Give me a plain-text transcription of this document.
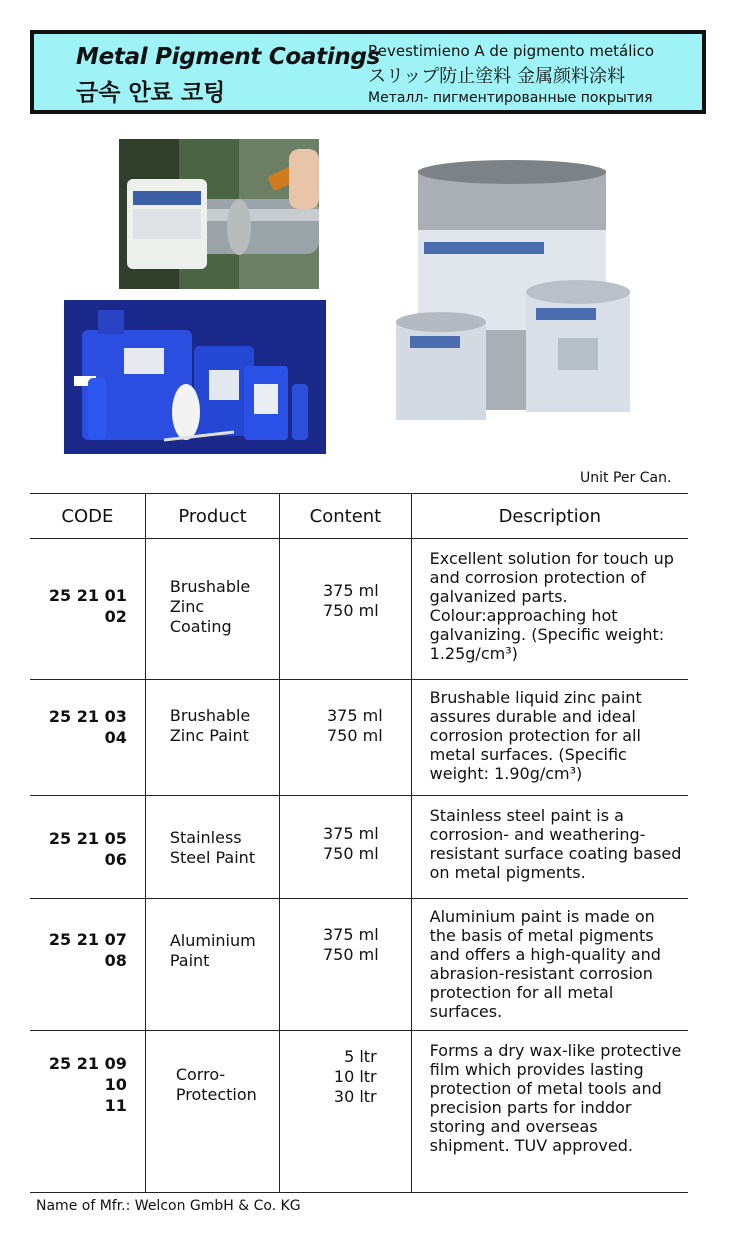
Metal Pigment Coatings
금속 안료 코팅
Revestimieno A de pigmento metálico
スリップ防止塗料 金属颜料涂料
Металл- пигментированные покрытия
Unit Per Can.
CODE	Product	Content	Description

25 21 01
02	Brushable
Zinc
Coating	375 ml
750 ml	Excellent solution for touch up and corrosion protection of galvanized parts. Colour:approaching hot galvanizing. (Specific weight: 1.25g/cm³)

25 21 03
04	Brushable
Zinc Paint	375 ml
750 ml	Brushable liquid zinc paint assures durable and ideal corrosion protection for all metal surfaces. (Specific weight: 1.90g/cm³)

25 21 05
06	Stainless
Steel Paint	375 ml
750 ml	Stainless steel paint is a corrosion- and weathering-resistant surface coating based on metal pigments.

25 21 07
08	Aluminium
Paint	375 ml
750 ml	Aluminium paint is made on the basis of metal pigments and offers a high-quality and abrasion-resistant corrosion protection for all metal surfaces.

25 21 09
10
11	Corro-
Protection	5 ltr
10 ltr
30 ltr	Forms a dry wax-like protective film which provides lasting protection of metal tools and precision parts for inddor storing and overseas shipment. TUV approved.
Name of Mfr.: Welcon GmbH & Co. KG
